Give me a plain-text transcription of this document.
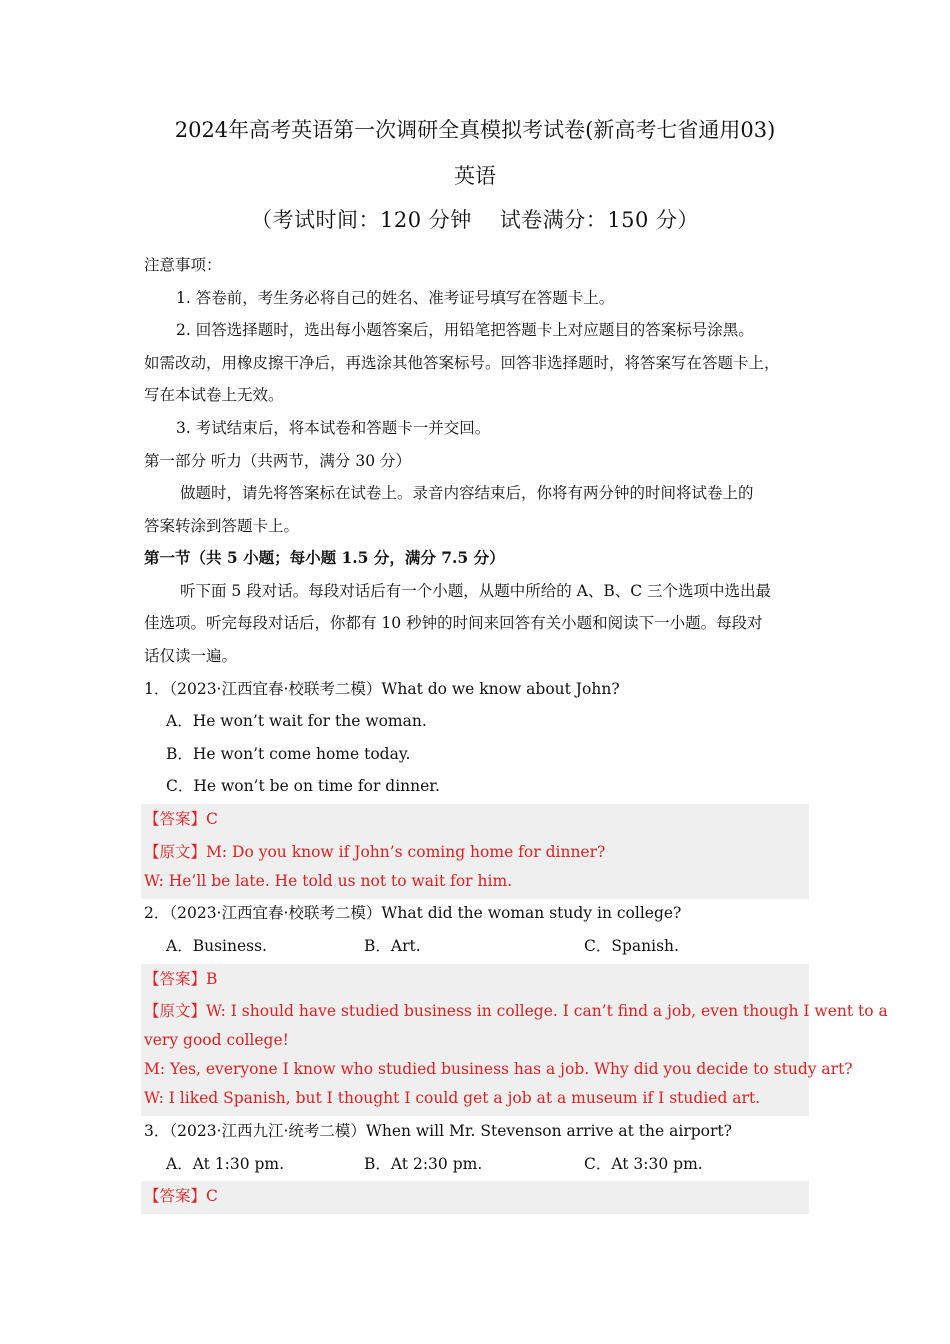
2024年高考英语第一次调研全真模拟考试卷(新高考七省通用03)
英语
（考试时间：120 分钟 试卷满分：150 分）
注意事项：
1. 答卷前，考生务必将自己的姓名、准考证号填写在答题卡上。
2. 回答选择题时，选出每小题答案后，用铅笔把答题卡上对应题目的答案标号涂黑。
如需改动，用橡皮擦干净后，再选涂其他答案标号。回答非选择题时，将答案写在答题卡上，
写在本试卷上无效。
3. 考试结束后，将本试卷和答题卡一并交回。
第一部分 听力（共两节，满分 30 分）
做题时，请先将答案标在试卷上。录音内容结束后，你将有两分钟的时间将试卷上的
答案转涂到答题卡上。
第一节（共 5 小题；每小题 1.5 分，满分 7.5 分）
听下面 5 段对话。每段对话后有一个小题，从题中所给的 A、B、C 三个选项中选出最
佳选项。听完每段对话后，你都有 10 秒钟的时间来回答有关小题和阅读下一小题。每段对
话仅读一遍。
1．（2023·江西宜春·校联考二模）What do we know about John?
A．He won’t wait for the woman.
B．He won’t come home today.
C．He won’t be on time for dinner.
【答案】C
【原文】M: Do you know if John’s coming home for dinner?
W: He’ll be late. He told us not to wait for him.
2．（2023·江西宜春·校联考二模）What did the woman study in college?
A．Business.	B．Art.	C．Spanish.
【答案】B
【原文】W: I should have studied business in college. I can’t find a job, even though I went to a
very good college!
M: Yes, everyone I know who studied business has a job. Why did you decide to study art?
W: I liked Spanish, but I thought I could get a job at a museum if I studied art.
3．（2023·江西九江·统考二模）When will Mr. Stevenson arrive at the airport?
A．At 1:30 pm.	B．At 2:30 pm.	C．At 3:30 pm.
【答案】C
